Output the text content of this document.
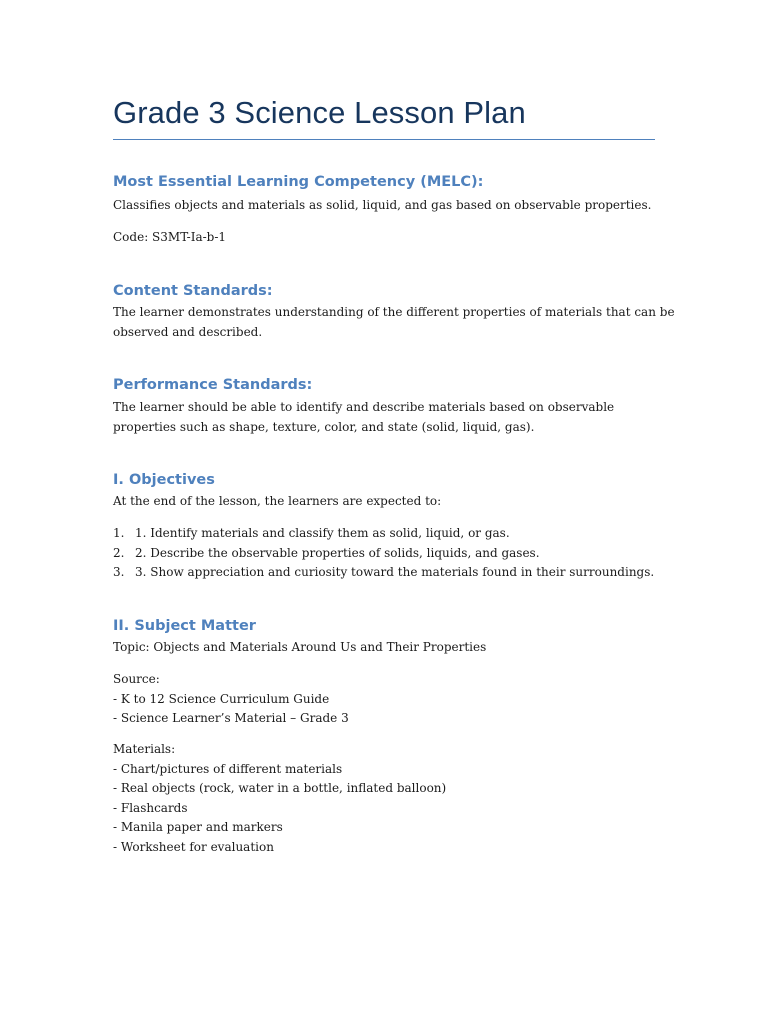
Grade 3 Science Lesson Plan
Most Essential Learning Competency (MELC):
Classifies objects and materials as solid, liquid, and gas based on observable properties.
Code: S3MT-Ia-b-1
Content Standards:
The learner demonstrates understanding of the different properties of materials that can be
observed and described.
Performance Standards:
The learner should be able to identify and describe materials based on observable
properties such as shape, texture, color, and state (solid, liquid, gas).
I. Objectives
At the end of the lesson, the learners are expected to:
1. 1. Identify materials and classify them as solid, liquid, or gas.
2. 2. Describe the observable properties of solids, liquids, and gases.
3. 3. Show appreciation and curiosity toward the materials found in their surroundings.
II. Subject Matter
Topic: Objects and Materials Around Us and Their Properties
Source:
- K to 12 Science Curriculum Guide
- Science Learner’s Material – Grade 3
Materials:
- Chart/pictures of different materials
- Real objects (rock, water in a bottle, inflated balloon)
- Flashcards
- Manila paper and markers
- Worksheet for evaluation
